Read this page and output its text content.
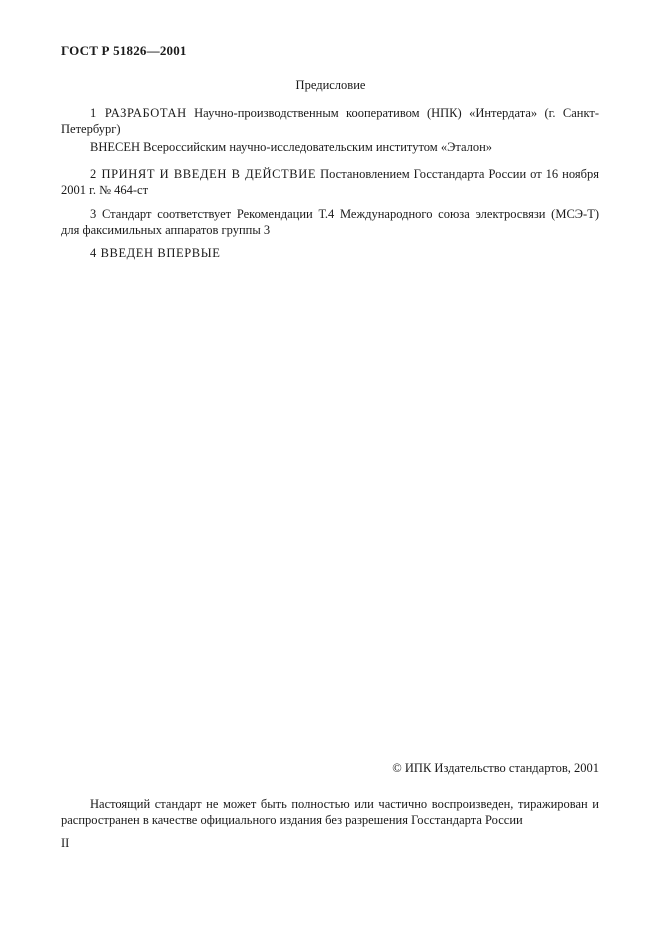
ГОСТ Р 51826—2001
Предисловие

1 РАЗРАБОТАН Научно-производственным кооперативом (НПК) «Интердата» (г. Санкт-Петербург)

ВНЕСЕН Всероссийским научно-исследовательским институтом «Эталон»

2 ПРИНЯТ И ВВЕДЕН В ДЕЙСТВИЕ Постановлением Госстандарта России от 16 ноября 2001 г. № 464-ст

3 Стандарт соответствует Рекомендации Т.4 Международного союза электросвязи (МСЭ-Т) для факсимильных аппаратов группы 3

4 ВВЕДЕН ВПЕРВЫЕ

© ИПК Издательство стандартов, 2001

Настоящий стандарт не может быть полностью или частично воспроизведен, тиражирован и распространен в качестве официального издания без разрешения Госстандарта России

II
